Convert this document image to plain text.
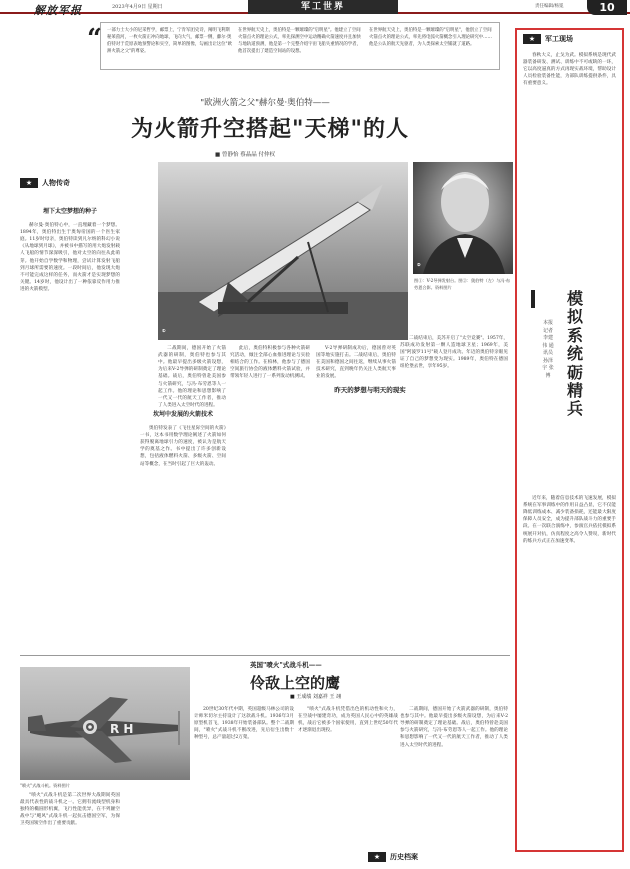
解放军报	2023年4月9日 星期日	军工世界	责任编辑/杨冕	10
“ 一部力士大小的尼采哲学，邮票上，宁肯军团史诗，阐明飞利斯秘莱茵河，一枚火箭正冲向地球，飞向大气，邮票一侧，藤尔·奥伯特对于荒原表地预警论和实空，简单的图像，勾画出让这位"欧洲火箭之父"的尊姿。

在世界航天史上，奥伯特是一颗璀璨的"启明星"。他建立了空间火箭点火的理论公式，率先探测空中运动精确火箭速度并且加快与地轨道预测，他是第一个完整介绍宇宙飞船失重情况的学者，他首次提出了建造空间站的设想。

在世界航天史上，奥伯特是一颗璀璨的"启明星"，他创立了空间火箭点火的理论公式，率先将电弧火箭概念引入理论研究中……他是公认的航天先驱者，为人类探索太空铺就了道路。

"欧洲火箭之父"赫尔曼·奥伯特——
为火箭升空搭起"天梯"的人
■ 曾静怡 蔡晶晶 付仲权
★ 人物传奇
埋下太空梦想的种子
赫尔曼·奥伯特心中，一直埋藏着一个梦想。1894年，奥伯特出生于奥匈帝国的一个医生家庭。11岁时母亲，奥伯特读到凡尔纳的科幻小说《从地球到月球》，并被书中描写的用大炮发射载人飞船的情节深深吸引，他对太空的向往从此萌芽。他开始自学数学和物理，尝试计算发射飞船到月球所需要的速度。一段时间后，他发现大炮不可能完成这样的任务，而火箭才是实现梦想的关键。14岁时，他设计出了一种依靠反作用力推进的火箭模型。
①
②
图①：V-2导弹发射台。图②：奥伯特（左）与冯·布劳恩合影。资料图片
二战期间，德国开始了火箭武器的研制，奥伯特也参与其中。他最早提出多级火箭设想，为后来V-2导弹的研制奠定了理论基础。战后，奥伯特曾赴美国参与火箭研究，与冯·布劳恩等人一起工作。他的理论和思想影响了一代又一代的航天工作者，推动了人类进入太空时代的进程。
坎坷中发展的火箭技术
奥伯特发表了《飞往星际空间的火箭》一书，这本书用数学理论阐述了火箭如何获得脱离地球引力的速度，被认为是航天学的奠基之作。书中提出了许多创新设想，包括液体燃料火箭、多级火箭、空间站等概念，在当时引起了巨大的轰动。
此后，奥伯特积极参与各种火箭研究活动，倾注全部心血推进理论与实验相结合的工作。在柏林，他参与了德国空间旅行协会的液体燃料火箭试验，并带领年轻人进行了一系列发动机测试。
V-2导弹研制成功后，德国曾对英国等地实施打击。二战结束后，奥伯特在美国和德国之间往返，继续从事火箭技术研究，直到晚年仍关注人类航天事业的发展。
昨天的梦想与明天的现实
二战结束后，美苏开启了"太空竞赛"。1957年，苏联成功发射第一颗人造地球卫星；1969年，美国"阿波罗11号"载人登月成功。年迈的奥伯特亲眼见证了自己的梦想变为现实。1989年，奥伯特在德国纽伦堡去世，享年95岁。
英国"喷火"式战斗机——
伶敌上空的鹰
■ 王成绩 刘嘉祥 王 翊
R H
"喷火"式战斗机。资料图片
"喷火"式战斗机是第二次世界大战期间英国最具代表性的战斗机之一。它拥有流线型机身和独特的椭圆形机翼，飞行性能优异，在不列颠空战中与"飓风"式战斗机一起抗击德国空军，为保卫英国领空作出了重要贡献。
20世纪30年代中期，英国超级马林公司的设计师米切尔主持设计了这款战斗机。1936年3月原型机首飞，1938年开始装备部队。整个二战期间，"喷火"式战斗机不断改进，先后衍生出数十种型号，总产量超过2万架。
"喷火"式战斗机凭借出色的机动性和火力，在空战中屡建奇功，成为英国人民心中的英雄战机，战后它被多个国家使用，直到上世纪50年代才逐渐退出现役。
二战期间，德国开始了火箭武器的研制，奥伯特也参与其中。他最早提出多级火箭设想，为后来V-2导弹的研制奠定了理论基础。战后，奥伯特曾赴美国参与火箭研究，与冯·布劳恩等人一起工作。他的理论和思想影响了一代又一代的航天工作者，推动了人类进入太空时代的进程。
★ 历史档案
★ 军工现场
春秋大义，止戈为武。模拟系统是现代武器装备研发、测试、训练中不可或缺的一环，它以高度逼真的方式再现实战环境，帮助设计人员检验装备性能，为部队训练提供条件，具有重要意义。
模拟系统砺精兵
本报记者 李建伟 通讯员 孙泽宇 张 博
近年来，随着信息技术的飞速发展，模拟系统在军事训练中的作用日益凸显，它不仅能降低训练成本、减少装备损耗，还能最大限度保障人员安全，成为提升部队战斗力的重要手段。在一次联合演练中，参演官兵依托模拟系统展开对抗，仿真程度之高令人赞叹，新时代的练兵方式正在加速变革。
